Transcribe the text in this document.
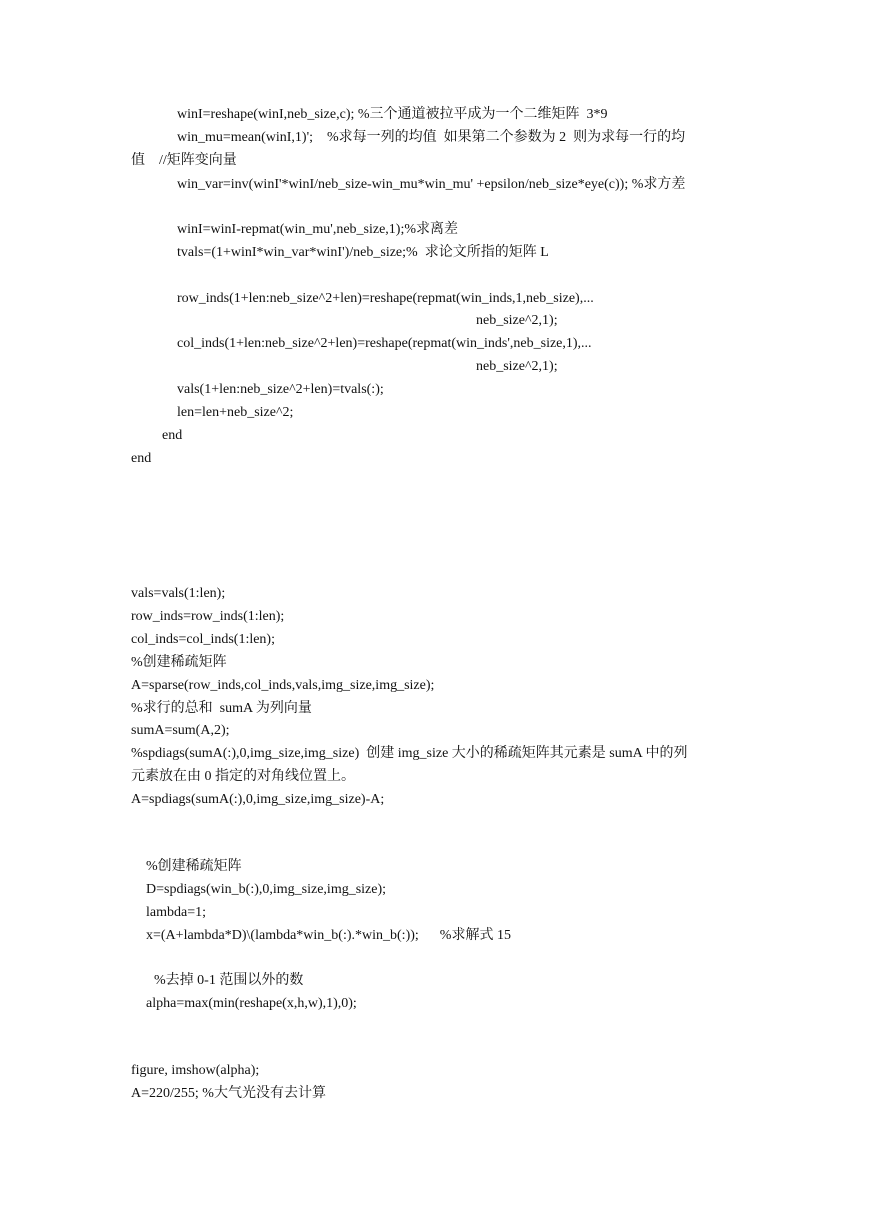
winI=reshape(winI,neb_size,c); %三个通道被拉平成为一个二维矩阵  3*9
win_mu=mean(winI,1)';    %求每一列的均值  如果第二个参数为 2  则为求每一行的均
值    //矩阵变向量
win_var=inv(winI'*winI/neb_size-win_mu*win_mu' +epsilon/neb_size*eye(c)); %求方差
winI=winI-repmat(win_mu',neb_size,1);%求离差
tvals=(1+winI*win_var*winI')/neb_size;%  求论文所指的矩阵 L
row_inds(1+len:neb_size^2+len)=reshape(repmat(win_inds,1,neb_size),...
neb_size^2,1);
col_inds(1+len:neb_size^2+len)=reshape(repmat(win_inds',neb_size,1),...
neb_size^2,1);
vals(1+len:neb_size^2+len)=tvals(:);
len=len+neb_size^2;
end
end
vals=vals(1:len);
row_inds=row_inds(1:len);
col_inds=col_inds(1:len);
%创建稀疏矩阵
A=sparse(row_inds,col_inds,vals,img_size,img_size);
%求行的总和  sumA 为列向量
sumA=sum(A,2);
%spdiags(sumA(:),0,img_size,img_size)  创建 img_size 大小的稀疏矩阵其元素是 sumA 中的列
元素放在由 0 指定的对角线位置上。
A=spdiags(sumA(:),0,img_size,img_size)-A;
%创建稀疏矩阵
D=spdiags(win_b(:),0,img_size,img_size);
lambda=1;
x=(A+lambda*D)\(lambda*win_b(:).*win_b(:));      %求解式 15
%去掉 0-1 范围以外的数
alpha=max(min(reshape(x,h,w),1),0);
figure, imshow(alpha);
A=220/255; %大气光没有去计算
